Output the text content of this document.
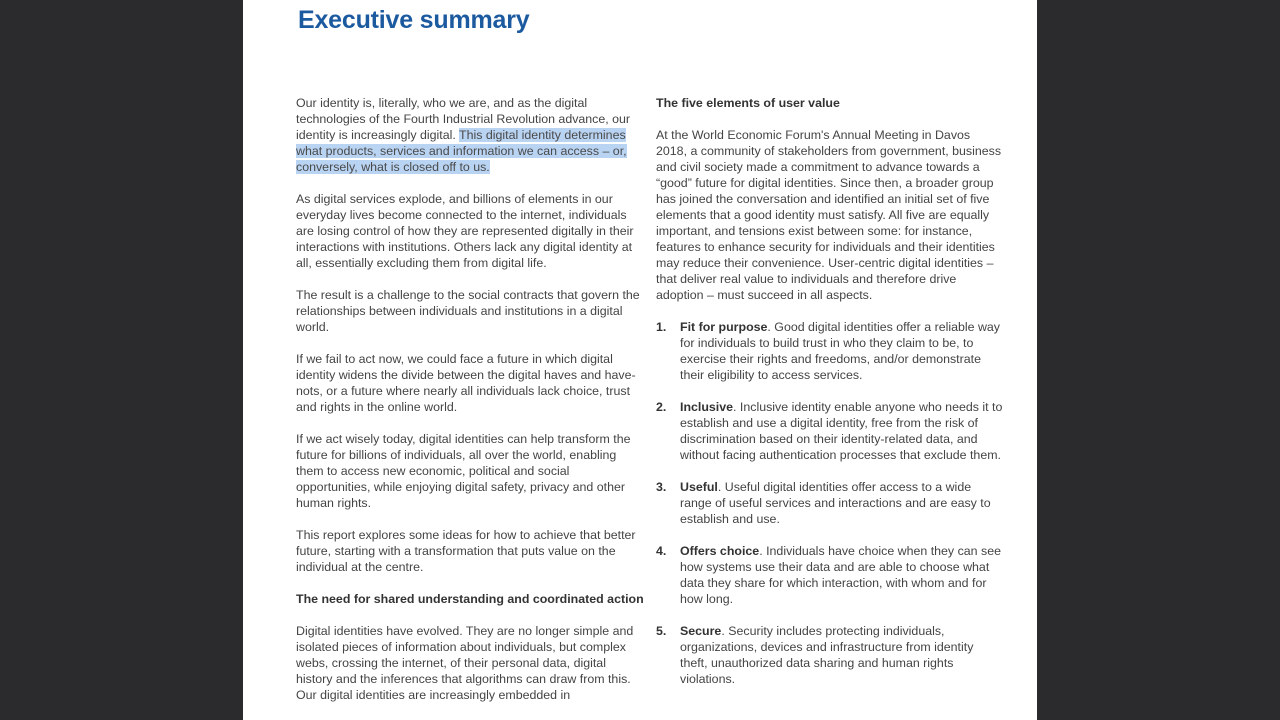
Executive summary

Our identity is, literally, who we are, and as the digital technologies of the Fourth Industrial Revolution advance, our identity is increasingly digital. This digital identity determines what products, services and information we can access – or, conversely, what is closed off to us.

As digital services explode, and billions of elements in our everyday lives become connected to the internet, individuals are losing control of how they are represented digitally in their interactions with institutions. Others lack any digital identity at all, essentially excluding them from digital life.

The result is a challenge to the social contracts that govern the relationships between individuals and institutions in a digital world.

If we fail to act now, we could face a future in which digital identity widens the divide between the digital haves and have-nots, or a future where nearly all individuals lack choice, trust and rights in the online world.

If we act wisely today, digital identities can help transform the future for billions of individuals, all over the world, enabling them to access new economic, political and social opportunities, while enjoying digital safety, privacy and other human rights.

This report explores some ideas for how to achieve that better future, starting with a transformation that puts value on the individual at the centre.

The need for shared understanding and coordinated action

Digital identities have evolved. They are no longer simple and isolated pieces of information about individuals, but complex webs, crossing the internet, of their personal data, digital history and the inferences that algorithms can draw from this. Our digital identities are increasingly embedded in

The five elements of user value

At the World Economic Forum's Annual Meeting in Davos 2018, a community of stakeholders from government, business and civil society made a commitment to advance towards a “good” future for digital identities. Since then, a broader group has joined the conversation and identified an initial set of five elements that a good identity must satisfy. All five are equally important, and tensions exist between some: for instance, features to enhance security for individuals and their identities may reduce their convenience. User-centric digital identities – that deliver real value to individuals and therefore drive adoption – must succeed in all aspects.

1. Fit for purpose. Good digital identities offer a reliable way for individuals to build trust in who they claim to be, to exercise their rights and freedoms, and/or demonstrate their eligibility to access services.
2. Inclusive. Inclusive identity enable anyone who needs it to establish and use a digital identity, free from the risk of discrimination based on their identity-related data, and without facing authentication processes that exclude them.
3. Useful. Useful digital identities offer access to a wide range of useful services and interactions and are easy to establish and use.
4. Offers choice. Individuals have choice when they can see how systems use their data and are able to choose what data they share for which interaction, with whom and for how long.
5. Secure. Security includes protecting individuals, organizations, devices and infrastructure from identity theft, unauthorized data sharing and human rights violations.
